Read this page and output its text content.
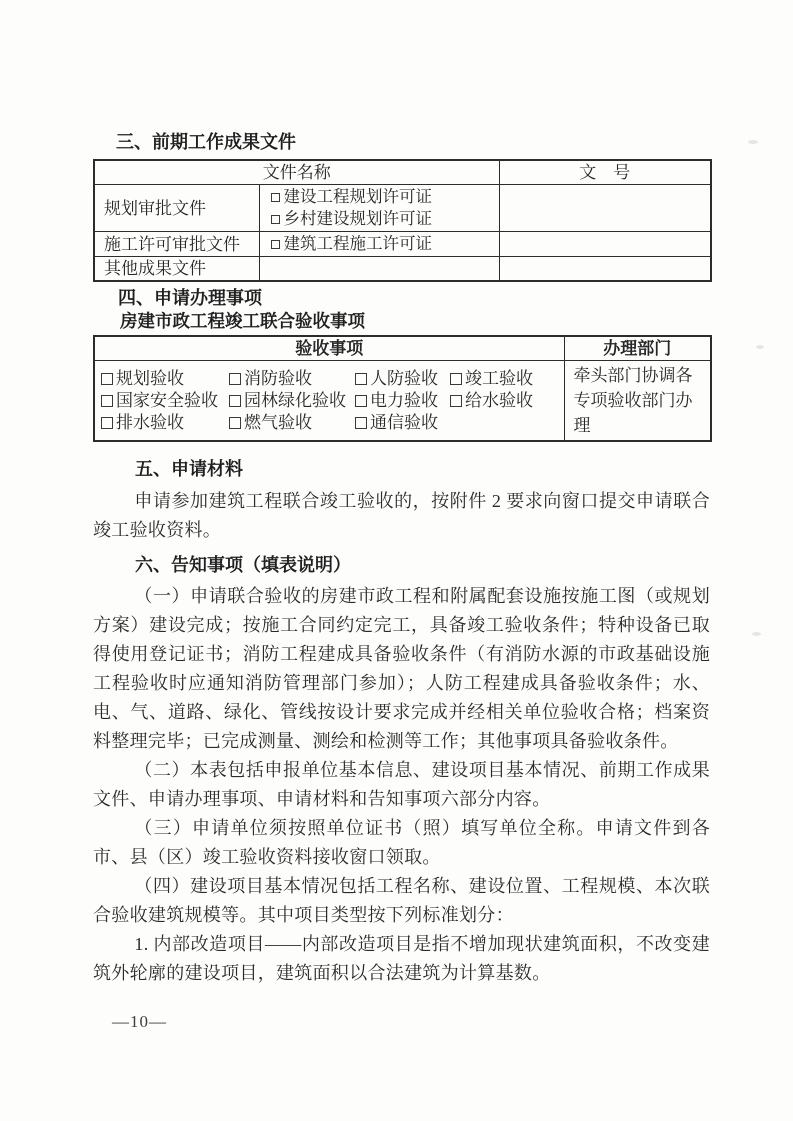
三、前期工作成果文件
文件名称		文　号
规划审批文件	建设工程规划许可证
乡村建设规划许可证	

施工许可审批文件	建筑工程施工许可证	

其他成果文件		
四、申请办理事项
房建市政工程竣工联合验收事项
验收事项	办理部门

规划验收	消防验收	人防验收 竣工验收
国家安全验收 园林绿化验收 电力验收 给水验收
排水验收	燃气验收	通信验收
	牵头部门协调各专项验收部门办理
五、申请材料

申请参加建筑工程联合竣工验收的，按附件 2 要求向窗口提交申请联合竣工验收资料。

六、告知事项（填表说明）

（一）申请联合验收的房建市政工程和附属配套设施按施工图（或规划方案）建设完成；按施工合同约定完工，具备竣工验收条件；特种设备已取得使用登记证书；消防工程建成具备验收条件（有消防水源的市政基础设施工程验收时应通知消防管理部门参加）；人防工程建成具备验收条件；水、电、气、道路、绿化、管线按设计要求完成并经相关单位验收合格；档案资料整理完毕；已完成测量、测绘和检测等工作；其他事项具备验收条件。

（二）本表包括申报单位基本信息、建设项目基本情况、前期工作成果文件、申请办理事项、申请材料和告知事项六部分内容。

（三）申请单位须按照单位证书（照）填写单位全称。申请文件到各市、县（区）竣工验收资料接收窗口领取。

（四）建设项目基本情况包括工程名称、建设位置、工程规模、本次联合验收建筑规模等。其中项目类型按下列标准划分：

1. 内部改造项目——内部改造项目是指不增加现状建筑面积，不改变建筑外轮廓的建设项目，建筑面积以合法建筑为计算基数。

—10—
